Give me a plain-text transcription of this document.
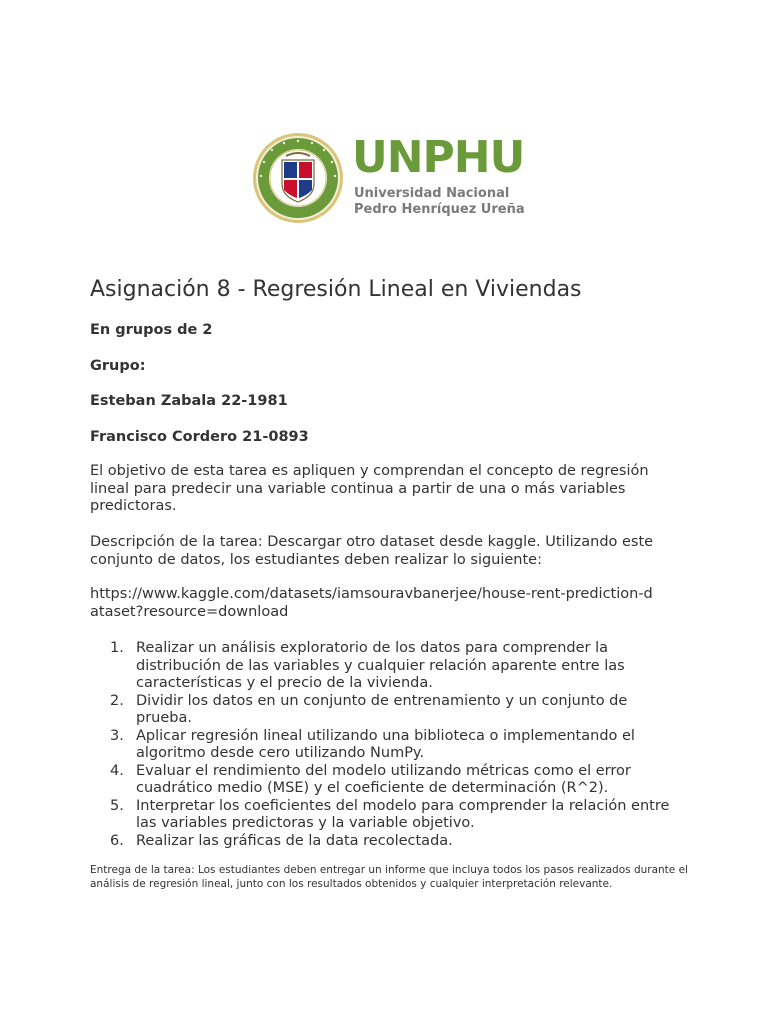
UNPHU
Universidad Nacional
Pedro Henríquez Ureña
Asignación 8 - Regresión Lineal en Viviendas
En grupos de 2
Grupo:
Esteban Zabala 22-1981
Francisco Cordero 21-0893
El objetivo de esta tarea es apliquen y comprendan el concepto de regresión lineal para predecir una variable continua a partir de una o más variables predictoras.
Descripción de la tarea: Descargar otro dataset desde kaggle. Utilizando este conjunto de datos, los estudiantes deben realizar lo siguiente:
https://www.kaggle.com/datasets/iamsouravbanerjee/house-rent-prediction-dataset?resource=download
1. Realizar un análisis exploratorio de los datos para comprender la distribución de las variables y cualquier relación aparente entre las características y el precio de la vivienda.
2. Dividir los datos en un conjunto de entrenamiento y un conjunto de prueba.
3. Aplicar regresión lineal utilizando una biblioteca o implementando el algoritmo desde cero utilizando NumPy.
4. Evaluar el rendimiento del modelo utilizando métricas como el error cuadrático medio (MSE) y el coeficiente de determinación (R^2).
5. Interpretar los coeficientes del modelo para comprender la relación entre las variables predictoras y la variable objetivo.
6. Realizar las gráficas de la data recolectada.
Entrega de la tarea: Los estudiantes deben entregar un informe que incluya todos los pasos realizados durante el análisis de regresión lineal, junto con los resultados obtenidos y cualquier interpretación relevante.
